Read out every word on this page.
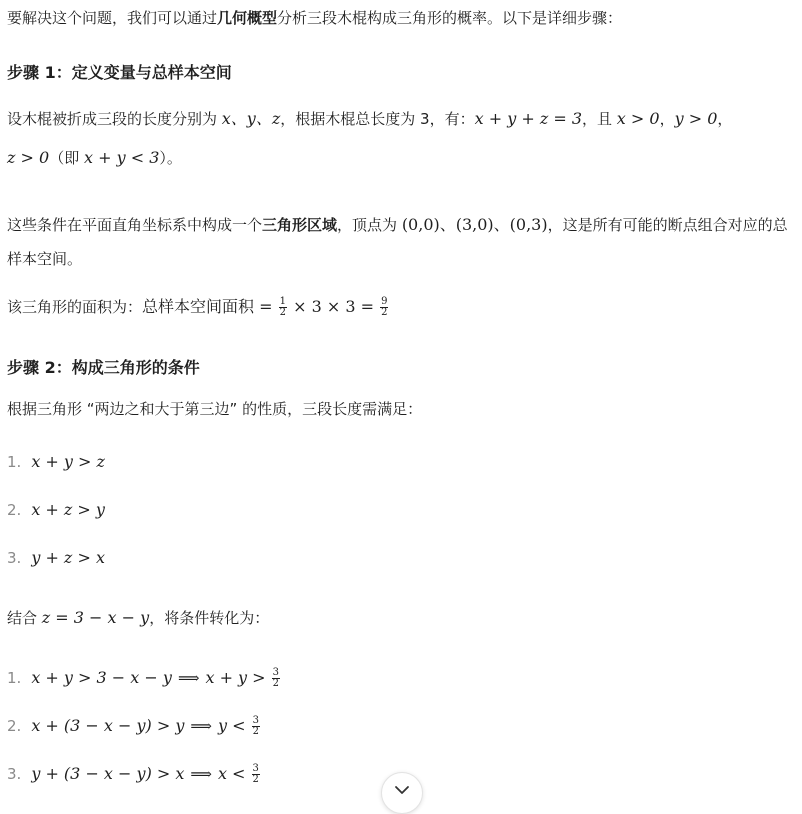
要解决这个问题，我们可以通过几何概型分析三段木棍构成三角形的概率。以下是详细步骤：
步骤 1：定义变量与总样本空间
设木棍被折成三段的长度分别为 x、y、z，根据木棍总长度为 3，有：x + y + z = 3，且 x > 0，y > 0，
z > 0（即 x + y < 3）。
这些条件在平面直角坐标系中构成一个三角形区域，顶点为 (0,0)、(3,0)、(0,3)，这是所有可能的断点组合对应的总样本空间。
该三角形的面积为：总样本空间面积 = $\frac{1}{2} \times 3 \times 3 = \frac{9}{2}$
步骤 2：构成三角形的条件
根据三角形 “两边之和大于第三边” 的性质，三段长度需满足：
1. x + y > z
2. x + z > y
3. y + z > x
结合 z = 3 − x − y，将条件转化为：
1. x + y > 3 − x − y ⟹ $x + y > \frac{3}{2}$
2. x + (3 − x − y) > y ⟹ $y < \frac{3}{2}$
3. y + (3 − x − y) > x ⟹ $x < \frac{3}{2}$
